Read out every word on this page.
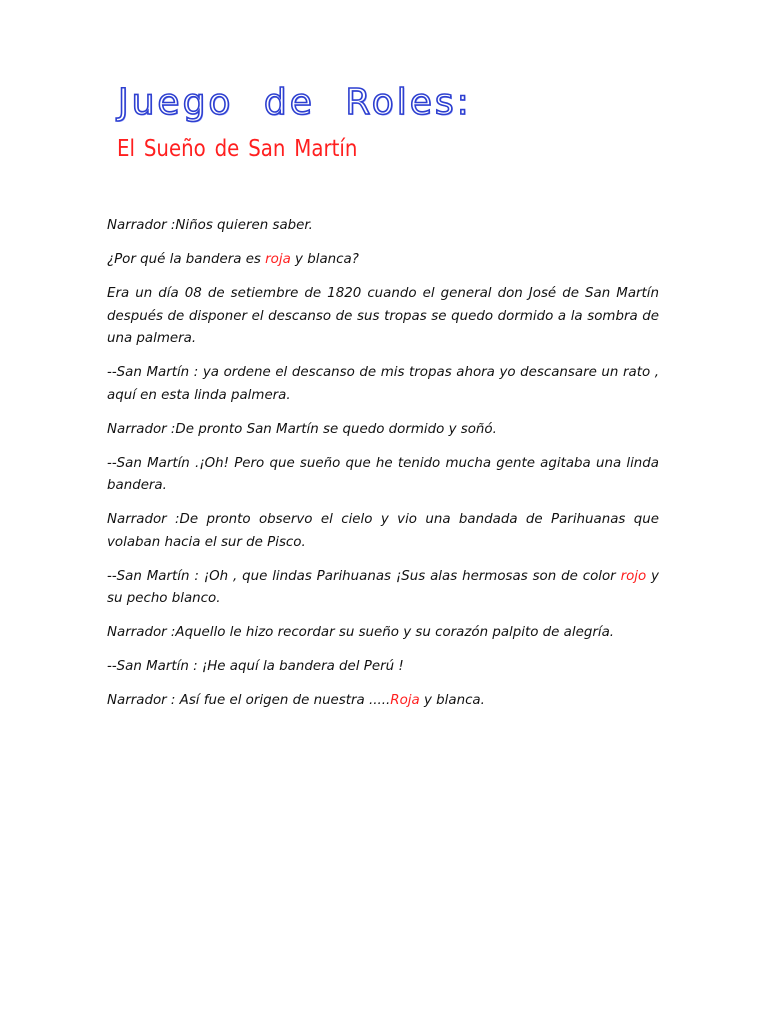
Juego de Roles:
El Sueño de San Martín

Narrador :Niños quieren saber.

¿Por qué la bandera es roja y blanca?

Era un día 08 de setiembre de 1820 cuando el general don José de San Martín después de disponer el descanso de sus tropas se quedo dormido a la sombra de una palmera.

--San Martín : ya ordene el descanso de mis tropas ahora yo descansare un rato , aquí en esta linda palmera.

Narrador :De pronto San Martín se quedo dormido y soñó.

--San Martín .¡Oh! Pero que sueño que he tenido mucha gente agitaba una linda bandera.

Narrador :De pronto observo el cielo y vio una bandada de Parihuanas que volaban hacia el sur de Pisco.

--San Martín : ¡Oh , que lindas Parihuanas ¡Sus alas hermosas son de color rojo y su pecho blanco.

Narrador :Aquello le hizo recordar su sueño y su corazón palpito de alegría.

--San Martín : ¡He aquí la bandera del Perú !

Narrador : Así fue el origen de nuestra .....Roja y blanca.
